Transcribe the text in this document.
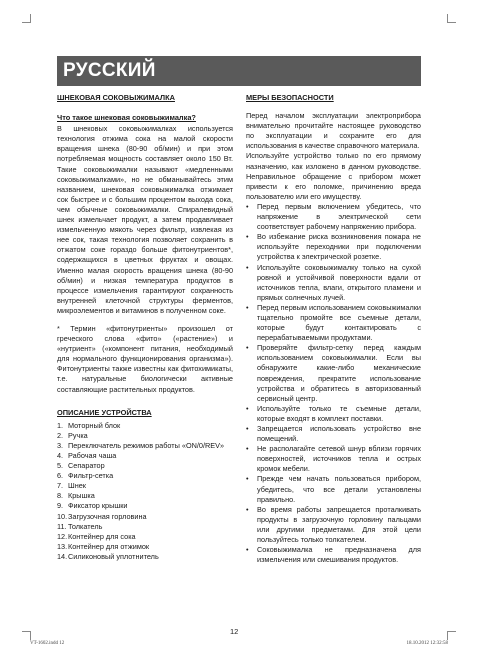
РУССКИЙ
ШНЕКОВАЯ СОКОВЫЖИМАЛКА
Что такое шнековая соковыжималка?

В шнековых соковыжималках используется технология отжима сока на малой скорости вращения шнека (80-90 об/мин) и при этом потребляемая мощность составляет около 150 Вт. Такие соковыжималки называют «медленными соковыжималками», но не обманывайтесь этим названием, шнековая соковыжималка отжимает сок быстрее и с большим процентом выхода сока, чем обычные соковыжималки. Спиралевидный шнек измельчает продукт, а затем продавливает измельченную мякоть через фильтр, извлекая из нее сок, такая технология позволяет сохранить в отжатом соке гораздо больше фитонутриентов*, содержащихся в цветных фруктах и овощах. Именно малая скорость вращения шнека (80-90 об/мин) и низкая температура продуктов в процессе измельчения гарантируют сохранность внутренней клеточной структуры ферментов, микроэлементов и витаминов в полученном соке.

* Термин «фитонутриенты» произошел от греческого слова «фито» («растение») и «нутриент» («компонент питания, необходимый для нормального функционирования организма»). Фитонутриенты также известны как фитохимикаты, т.е. натуральные биологически активные составляющие растительных продуктов.

ОПИСАНИЕ УСТРОЙСТВА
1. Моторный блок
2. Ручка
3. Переключатель режимов работы «ON/0/REV»
4. Рабочая чаша
5. Сепаратор
6. Фильтр-сетка
7. Шнек
8. Крышка
9. Фиксатор крышки
10. Загрузочная горловина
11. Толкатель
12. Контейнер для сока
13. Контейнер для отжимок
14. Силиконовый уплотнитель
МЕРЫ БЕЗОПАСНОСТИ

Перед началом эксплуатации электроприбора внимательно прочитайте настоящее руководство по эксплуатации и сохраните его для использования в качестве справочного материала.

Используйте устройство только по его прямому назначению, как изложено в данном руководстве. Неправильное обращение с прибором может привести к его поломке, причинению вреда пользователю или его имуществу.

•	Перед первым включением убедитесь, что напряжение в электрической сети соответствует рабочему напряжению прибора.
•	Во избежание риска возникновения пожара не используйте переходники при подключении устройства к электрической розетке.
•	Используйте соковыжималку только на сухой ровной и устойчивой поверхности вдали от источников тепла, влаги, открытого пламени и прямых солнечных лучей.
•	Перед первым использованием соковыжималки тщательно промойте все съемные детали, которые будут контактировать с перерабатываемыми продуктами.
•	Проверяйте фильтр-сетку перед каждым использованием соковыжималки. Если вы обнаружите какие-либо механические повреждения, прекратите использование устройства и обратитесь в авторизованный сервисный центр.
•	Используйте только те съемные детали, которые входят в комплект поставки.
•	Запрещается использовать устройство вне помещений.
•	Не располагайте сетевой шнур вблизи горячих поверхностей, источников тепла и острых кромок мебели.
•	Прежде чем начать пользоваться прибором, убедитесь, что все детали установлены правильно.
•	Во время работы запрещается проталкивать продукты в загрузочную горловину пальцами или другими предметами. Для этой цели пользуйтесь только толкателем.
•	Соковыжималка не предназначена для измельчения или смешивания продуктов.
12
VT-1602.indd 12	18.10.2012 12:32:58
